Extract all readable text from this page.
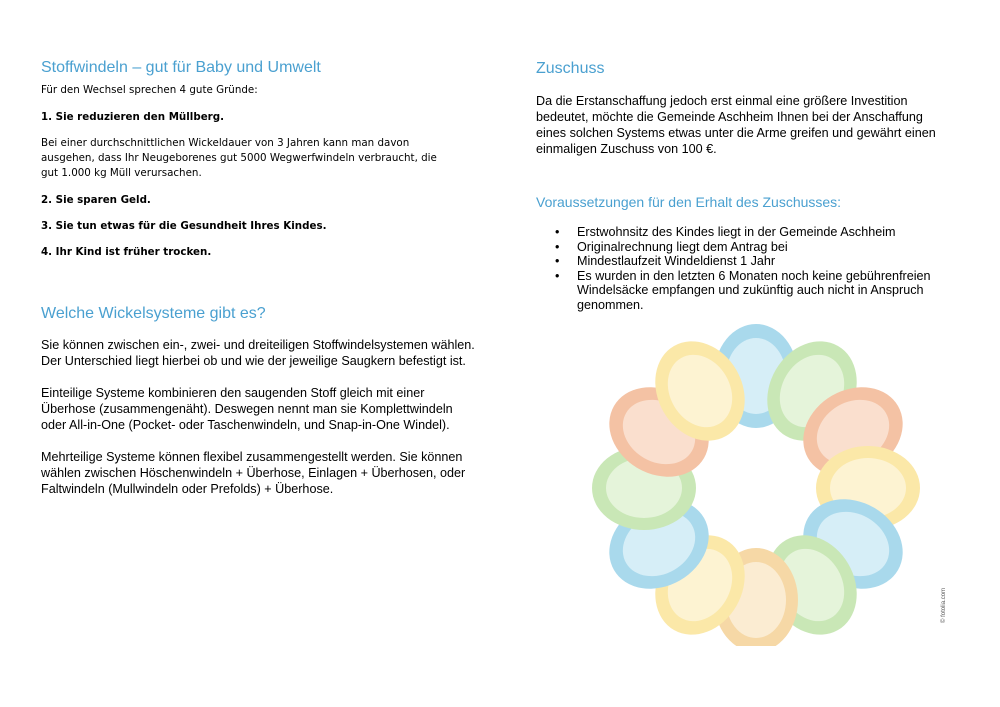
Stoffwindeln – gut für Baby und Umwelt
Für den Wechsel sprechen 4 gute Gründe:
1. Sie reduzieren den Müllberg.
Bei einer durchschnittlichen Wickeldauer von 3 Jahren kann man davon ausgehen, dass Ihr Neugeborenes gut 5000 Wegwerfwindeln verbraucht, die gut 1.000 kg Müll verursachen.
2. Sie sparen Geld.
3. Sie tun etwas für die Gesundheit Ihres Kindes.
4. Ihr Kind ist früher trocken.
Welche Wickelsysteme gibt es?
Sie können zwischen ein-, zwei- und dreiteiligen Stoffwindelsystemen wählen. Der Unterschied liegt hierbei ob und wie der jeweilige Saugkern befestigt ist.
Einteilige Systeme kombinieren den saugenden Stoff gleich mit einer Überhose (zusammengenäht). Deswegen nennt man sie Komplettwindeln oder All-in-One (Pocket- oder Taschenwindeln, und Snap-in-One Windel).
Mehrteilige Systeme können flexibel zusammengestellt werden. Sie können wählen zwischen Höschenwindeln + Überhose, Einlagen + Überhosen, oder Faltwindeln (Mullwindeln oder Prefolds) + Überhose.
Zuschuss
Da die Erstanschaffung jedoch erst einmal eine größere Investition bedeutet, möchte die Gemeinde Aschheim Ihnen bei der Anschaffung eines solchen Systems etwas unter die Arme greifen und gewährt einen einmaligen Zuschuss von 100 €.
Voraussetzungen für den Erhalt des Zuschusses:
• Erstwohnsitz des Kindes liegt in der Gemeinde Aschheim
• Originalrechnung liegt dem Antrag bei
• Mindestlaufzeit Windeldienst 1 Jahr
• Es wurden in den letzten 6 Monaten noch keine gebührenfreien Windelsäcke empfangen und zukünftig auch nicht in Anspruch genommen.
© fotolia.com
